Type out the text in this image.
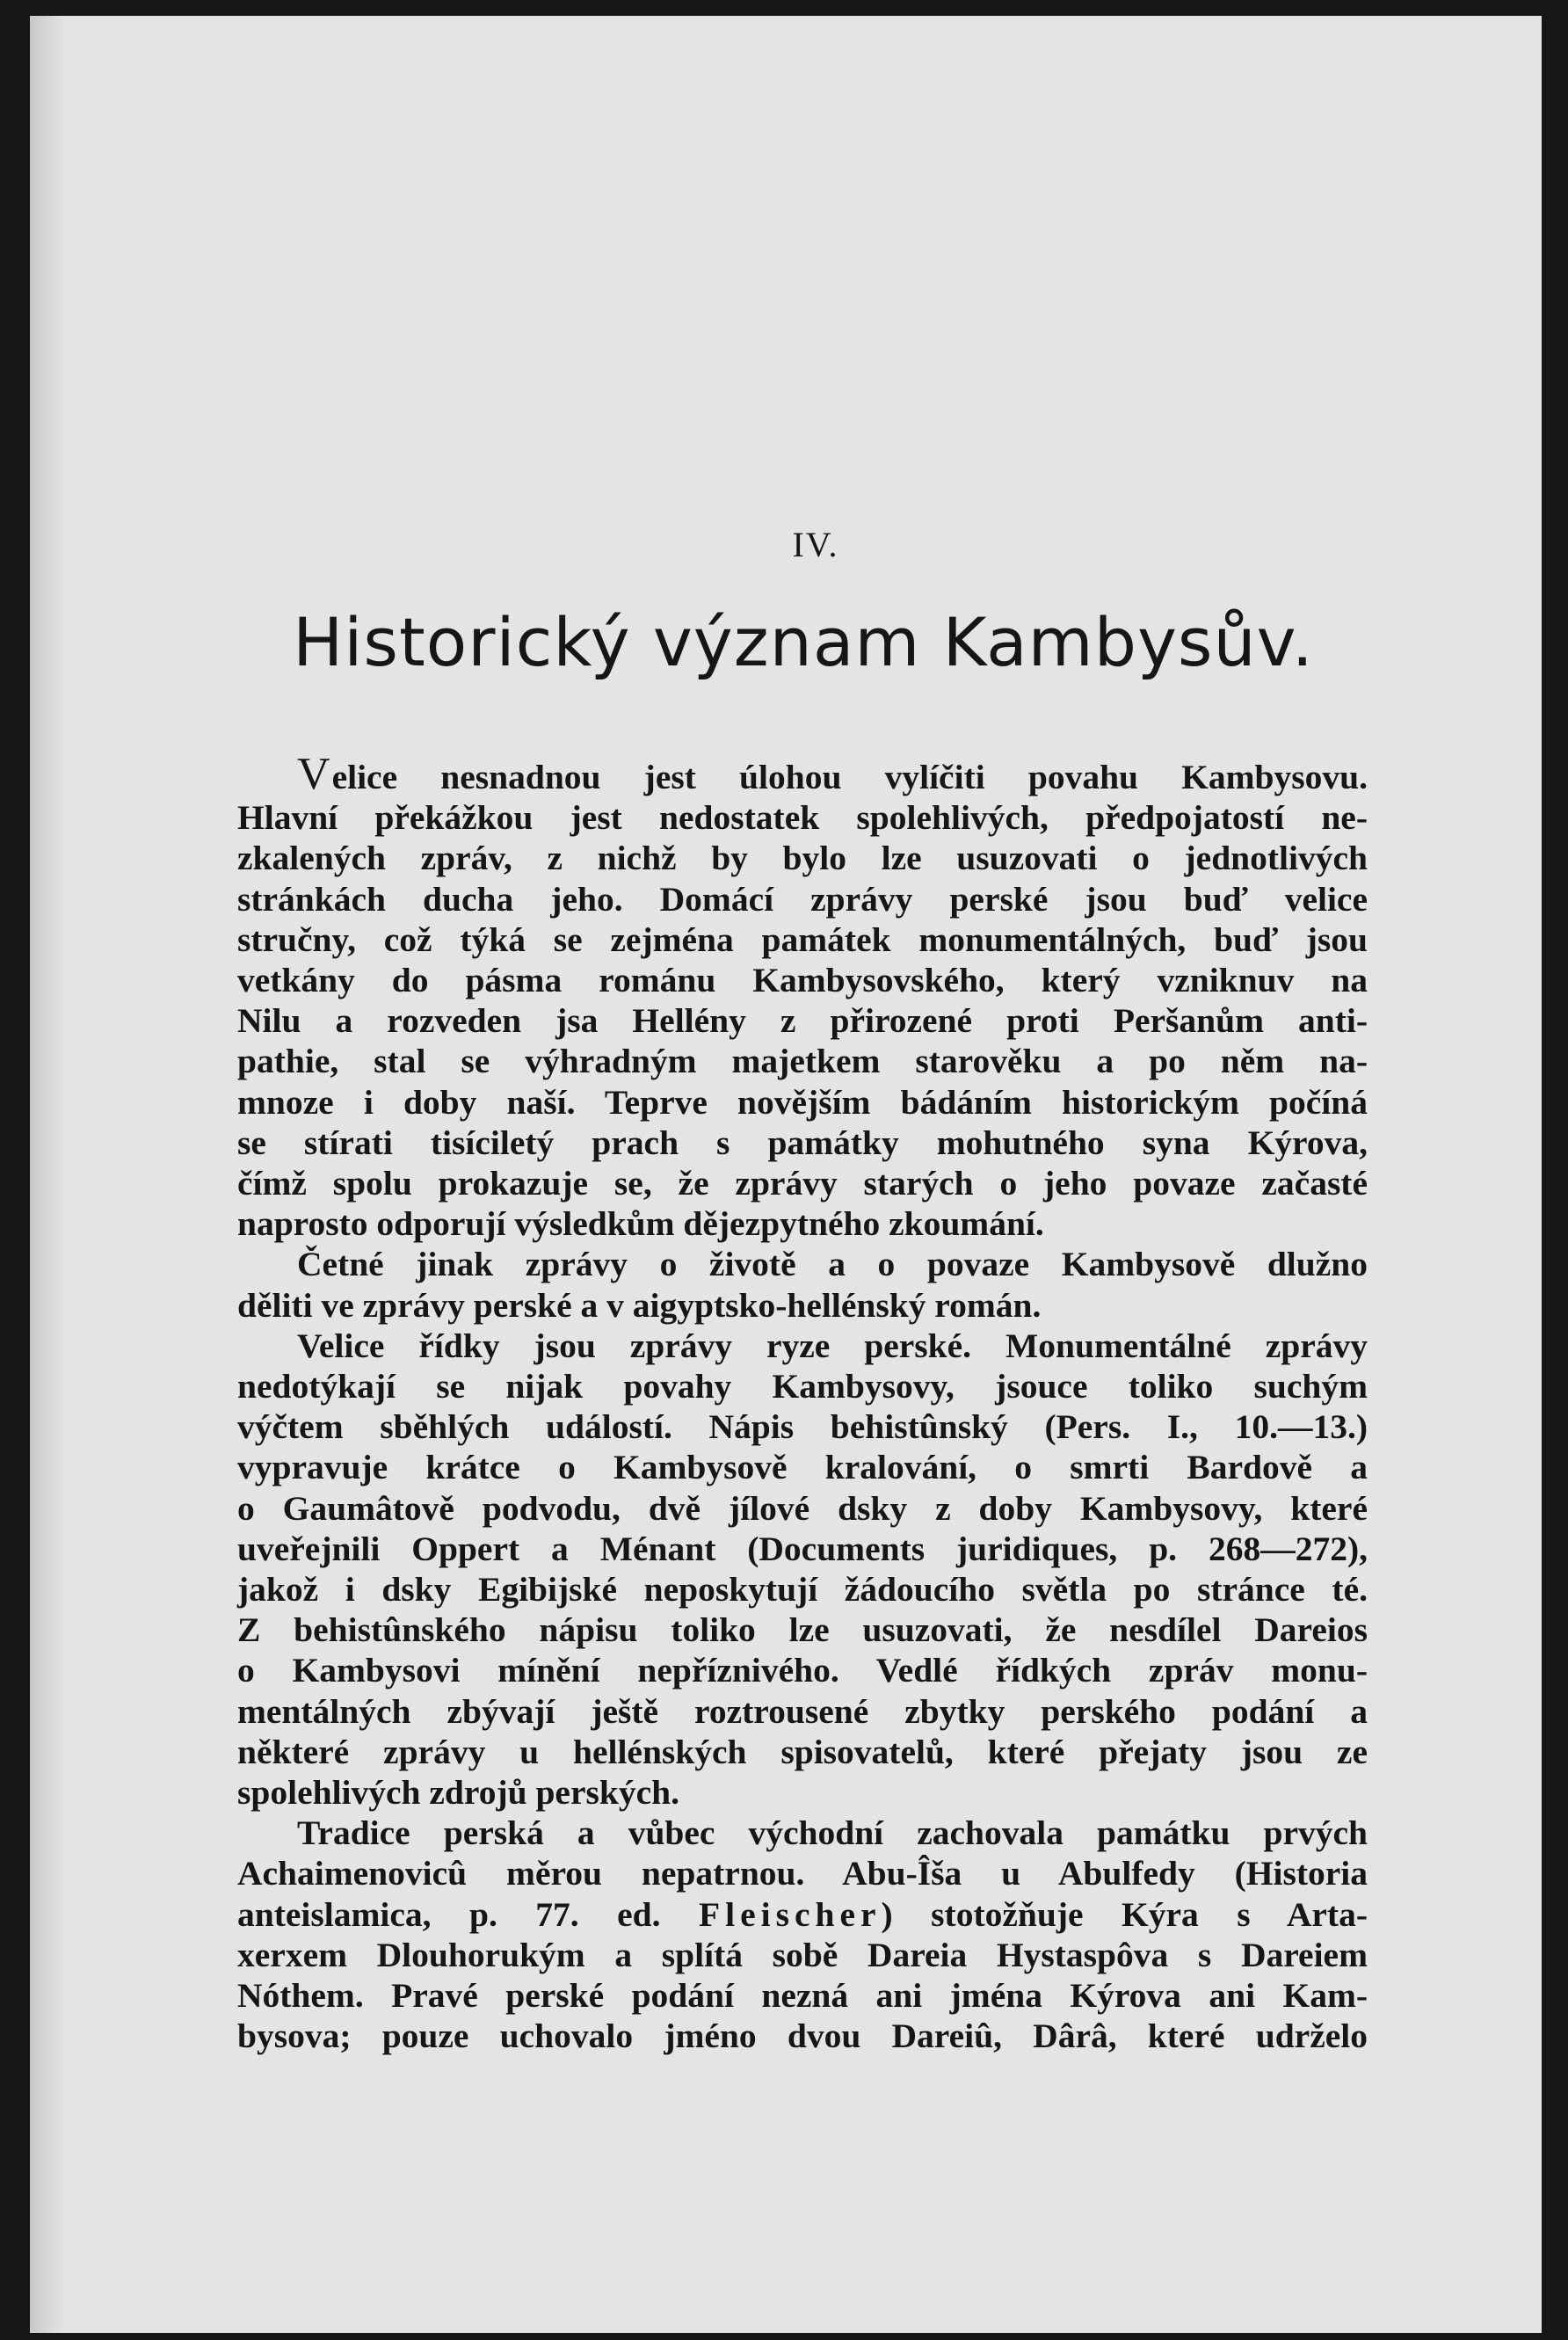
IV.
Historický význam Kambysův.

Velice nesnadnou jest úlohou vylíčiti povahu Kambysovu.
Hlavní překážkou jest nedostatek spolehlivých, předpojatostí ne-
zkalených zpráv, z nichž by bylo lze usuzovati o jednotlivých
stránkách ducha jeho. Domácí zprávy perské jsou buď velice
stručny, což týká se zejména památek monumentálných, buď jsou
vetkány do pásma románu Kambysovského, který vzniknuv na
Nilu a rozveden jsa Hellény z přirozené proti Peršanům anti-
pathie, stal se výhradným majetkem starověku a po něm na-
mnoze i doby naší. Teprve novějším bádáním historickým počíná
se stírati tisíciletý prach s památky mohutného syna Kýrova,
čímž spolu prokazuje se, že zprávy starých o jeho povaze začasté
naprosto odporují výsledkům dějezpytného zkoumání.

Četné jinak zprávy o životě a o povaze Kambysově dlužno
děliti ve zprávy perské a v aigyptsko-hellénský román.

Velice řídky jsou zprávy ryze perské. Monumentálné zprávy
nedotýkají se nijak povahy Kambysovy, jsouce toliko suchým
výčtem sběhlých událostí. Nápis behistûnský (Pers. I., 10.—13.)
vypravuje krátce o Kambysově kralování, o smrti Bardově a
o Gaumâtově podvodu, dvě jílové dsky z doby Kambysovy, které
uveřejnili Oppert a Ménant (Documents juridiques, p. 268—272),
jakož i dsky Egibijské neposkytují žádoucího světla po stránce té.
Z behistûnského nápisu toliko lze usuzovati, že nesdílel Dareios
o Kambysovi mínění nepříznivého. Vedlé řídkých zpráv monu-
mentálných zbývají ještě roztrousené zbytky perského podání a
některé zprávy u hellénských spisovatelů, které přejaty jsou ze
spolehlivých zdrojů perských.

Tradice perská a vůbec východní zachovala památku prvých
Achaimenovicû měrou nepatrnou. Abu-Îša u Abulfedy (Historia
anteislamica, p. 77. ed. Fleischer) stotožňuje Kýra s Arta-
xerxem Dlouhorukým a splítá sobě Dareia Hystaspôva s Dareiem
Nóthem. Pravé perské podání nezná ani jména Kýrova ani Kam-
bysova; pouze uchovalo jméno dvou Dareiû, Dârâ, které udrželo
